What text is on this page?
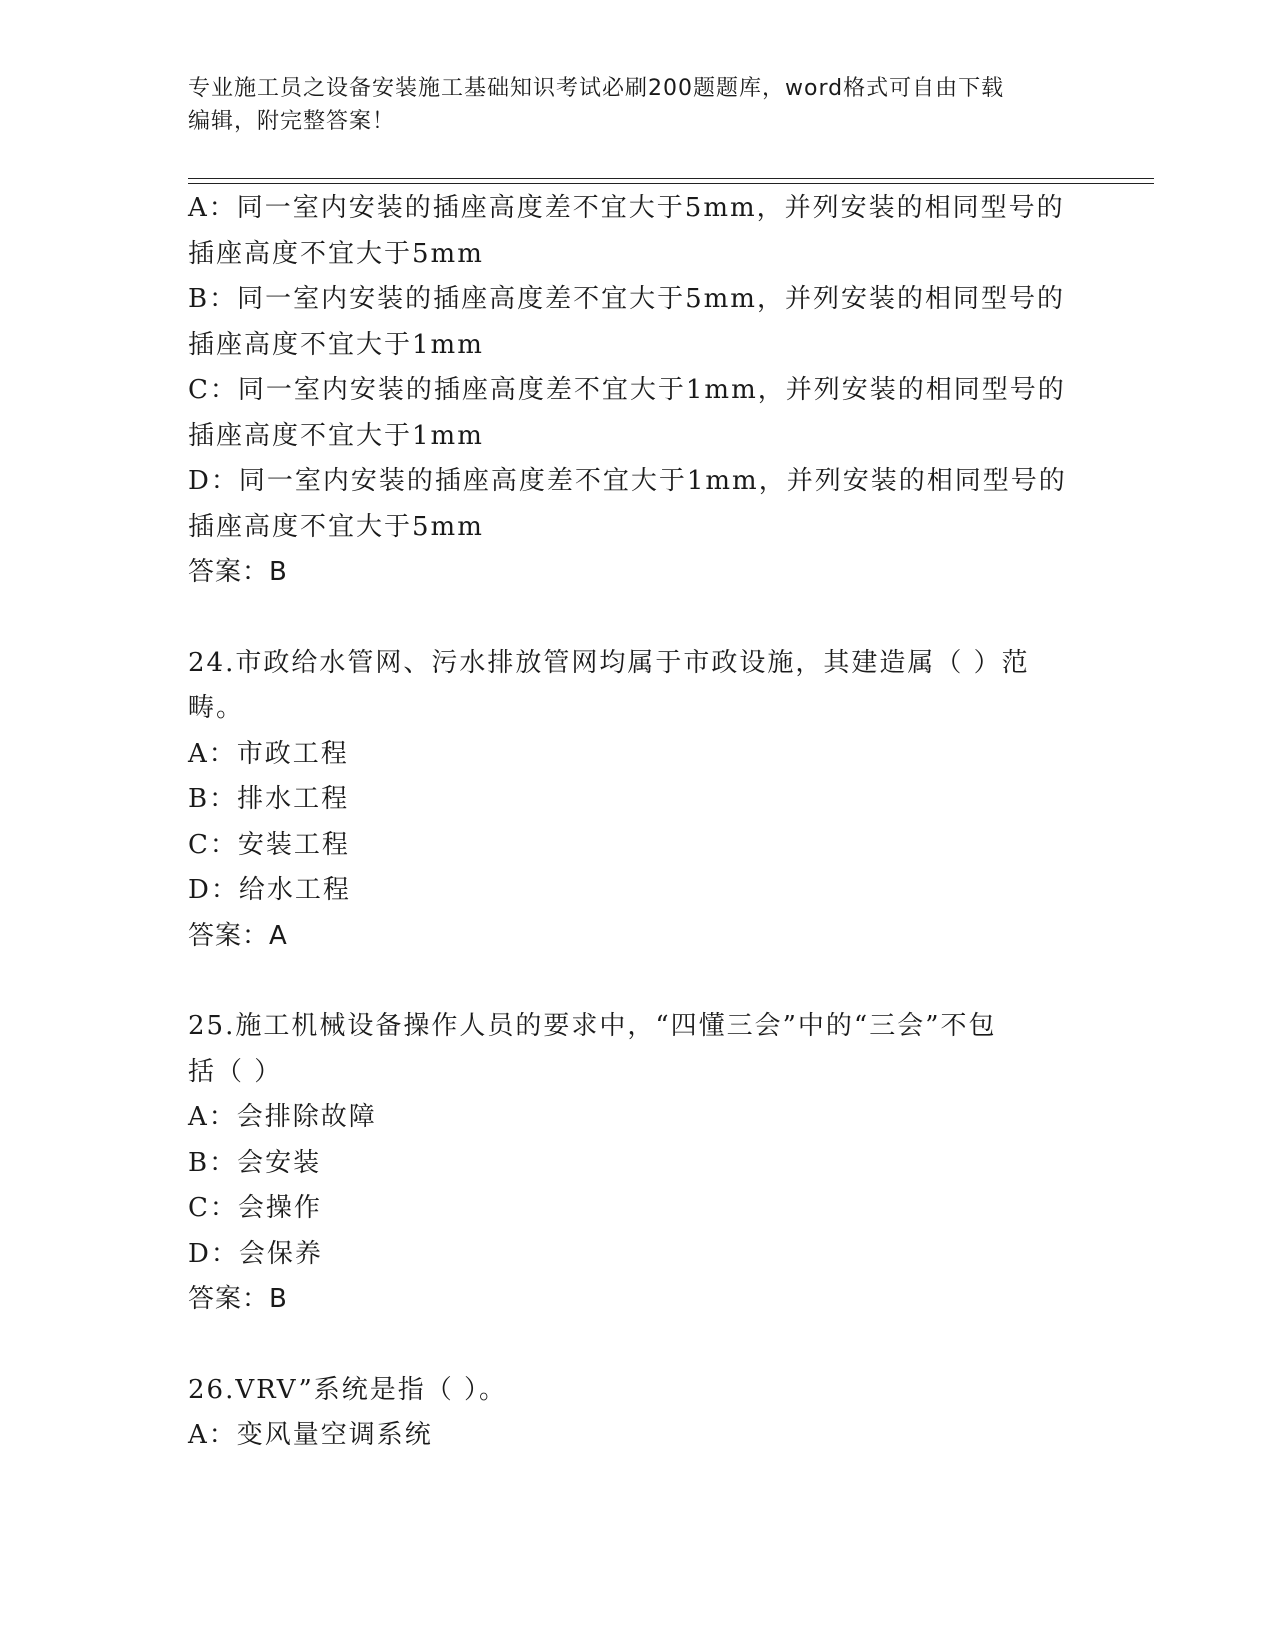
专业施工员之设备安装施工基础知识考试必刷200题题库，word格式可自由下载
编辑，附完整答案！
A：同一室内安装的插座高度差不宜大于5mm，并列安装的相同型号的
插座高度不宜大于5mm
B：同一室内安装的插座高度差不宜大于5mm，并列安装的相同型号的
插座高度不宜大于1mm
C：同一室内安装的插座高度差不宜大于1mm，并列安装的相同型号的
插座高度不宜大于1mm
D：同一室内安装的插座高度差不宜大于1mm，并列安装的相同型号的
插座高度不宜大于5mm
答案：B
24.市政给水管网、污水排放管网均属于市政设施，其建造属（ ）范
畴。
A：市政工程
B：排水工程
C：安装工程
D：给水工程
答案：A
25.施工机械设备操作人员的要求中，“四懂三会”中的“三会”不包
括（ ）
A：会排除故障
B：会安装
C：会操作
D：会保养
答案：B
26.VRV”系统是指（ ）。
A：变风量空调系统
